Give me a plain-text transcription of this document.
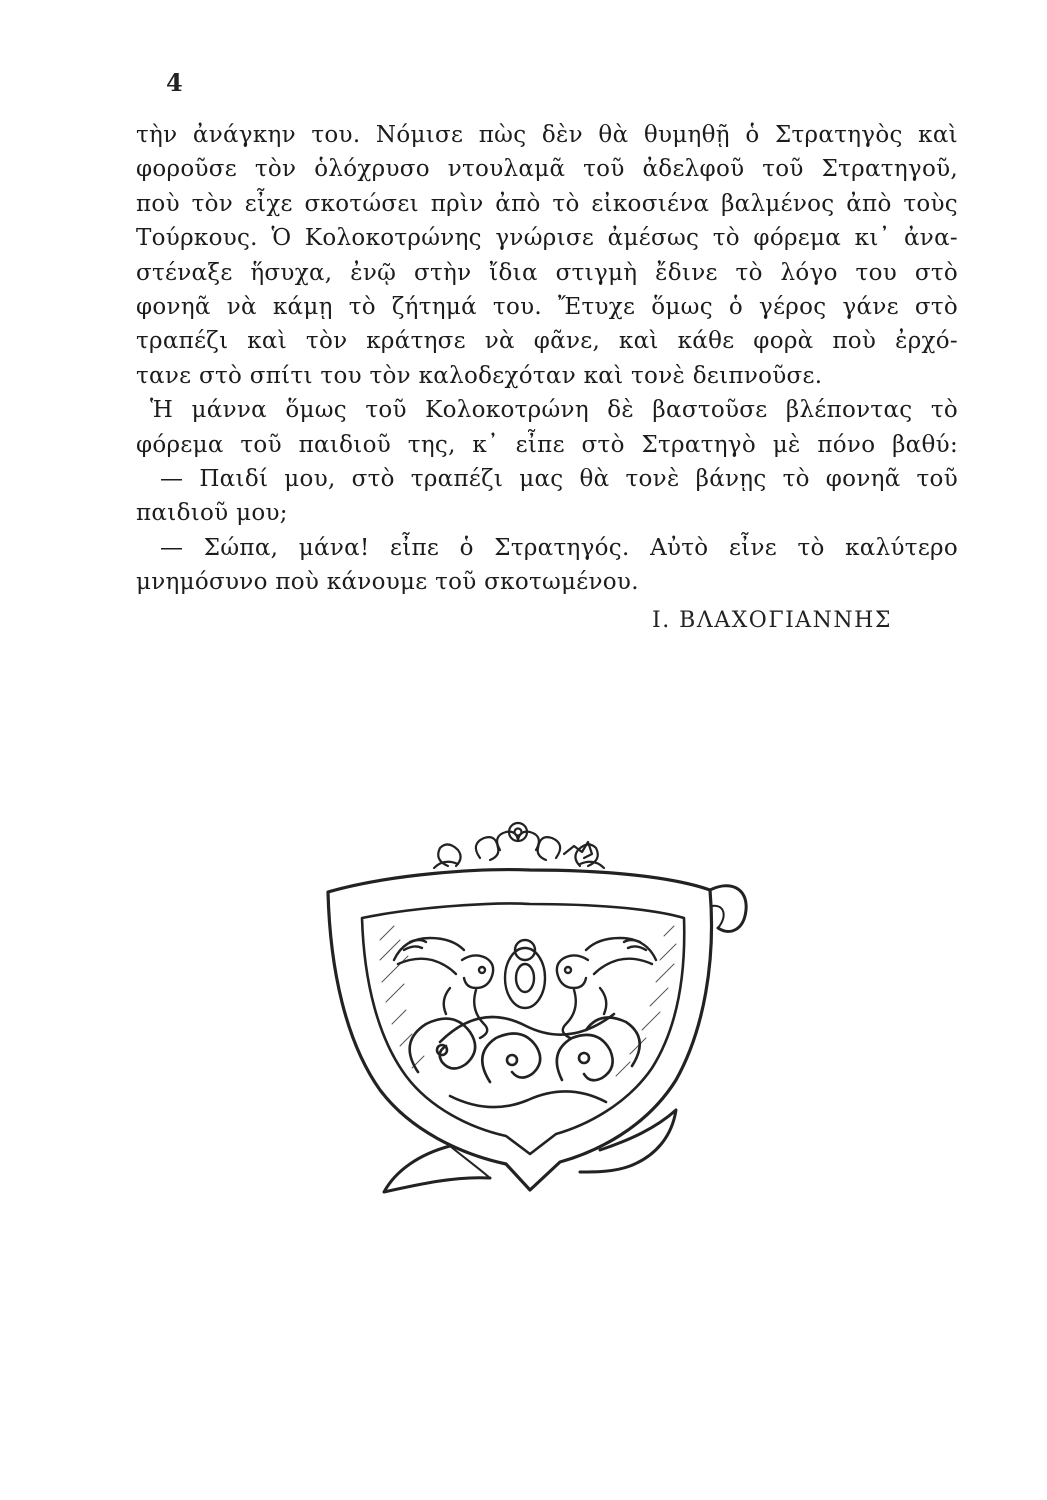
4
τὴν ἀνάγκην του. Νόμισε πὼς δὲν θὰ θυμηθῇ ὁ Στρατηγὸς καὶ
φοροῦσε τὸν ὁλόχρυσο ντουλαμᾶ τοῦ ἀδελφοῦ τοῦ Στρατηγοῦ,
ποὺ τὸν εἶχε σκοτώσει πρὶν ἀπὸ τὸ εἰκοσιένα βαλμένος ἀπὸ τοὺς
Τούρκους. Ὁ Κολοκοτρώνης γνώρισε ἀμέσως τὸ φόρεμα κι᾿ ἀνα-
στέναξε ἥσυχα, ἐνῷ στὴν ἴδια στιγμὴ ἔδινε τὸ λόγο του στὸ
φονηᾶ νὰ κάμῃ τὸ ζήτημά του. Ἔτυχε ὅμως ὁ γέρος γάνε στὸ
τραπέζι καὶ τὸν κράτησε νὰ φᾶνε, καὶ κάθε φορὰ ποὺ ἐρχό-
τανε στὸ σπίτι του τὸν καλοδεχόταν καὶ τονὲ δειπνοῦσε.
Ἡ μάννα ὅμως τοῦ Κολοκοτρώνη δὲ βαστοῦσε βλέποντας τὸ
φόρεμα τοῦ παιδιοῦ της, κ᾿ εἶπε στὸ Στρατηγὸ μὲ πόνο βαθύ:
— Παιδί μου, στὸ τραπέζι μας θὰ τονὲ βάνῃς τὸ φονηᾶ τοῦ
παιδιοῦ μου;
— Σώπα, μάνα! εἶπε ὁ Στρατηγός. Αὐτὸ εἶνε τὸ καλύτερο
μνημόσυνο ποὺ κάνουμε τοῦ σκοτωμένου.
Ι. ΒΛΑΧΟΓΙΑΝΝΗΣ
